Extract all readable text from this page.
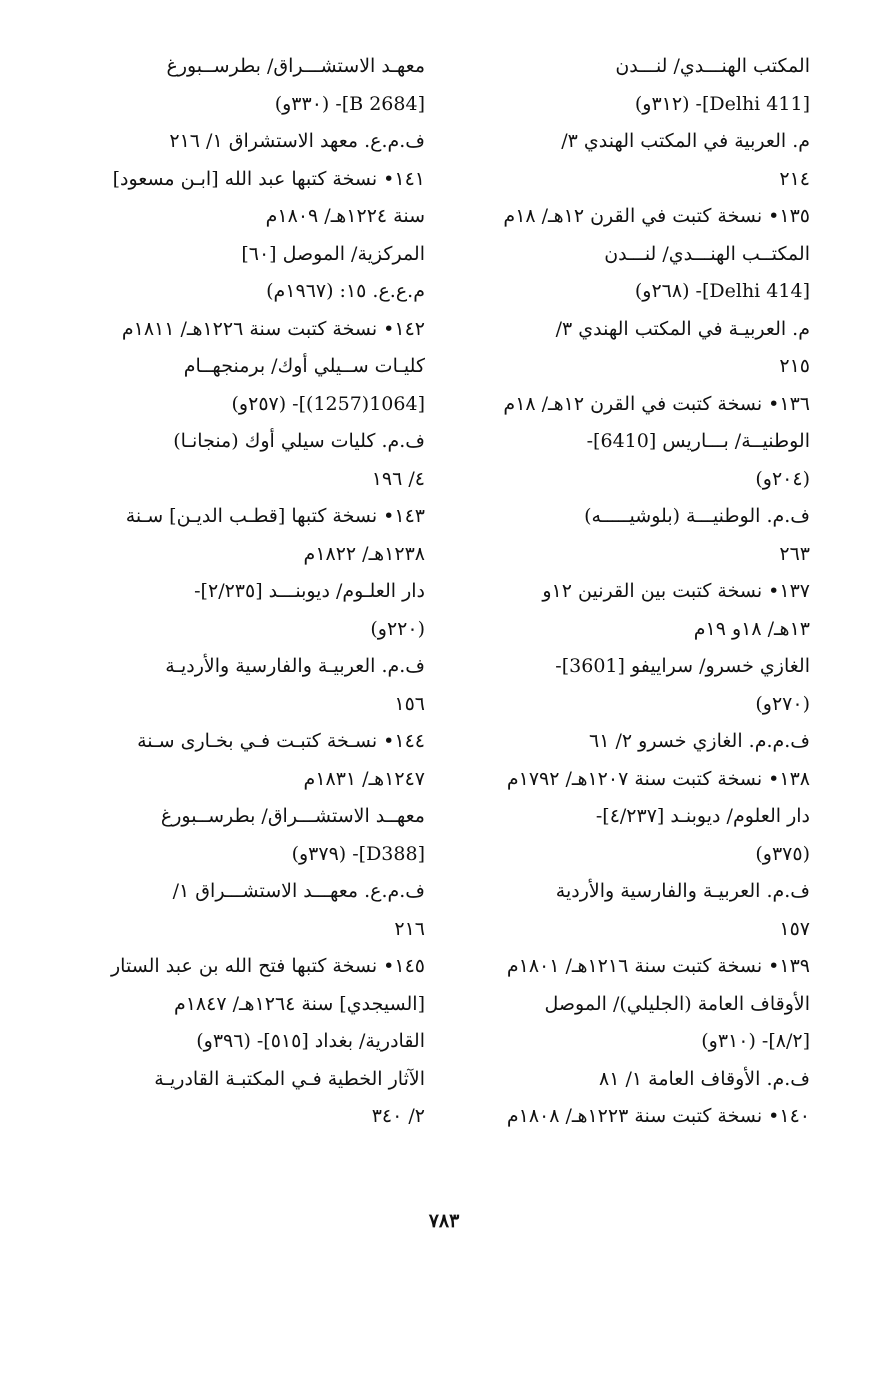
المكتب الهنـــدي/ لنـــدن
[Delhi 411]- (٣١٢و)
م. العربية في المكتب الهندي ٣/
٢١٤
١٣٥• نسخة كتبت في القرن ١٢هـ/ ١٨م
المكتــب الهنـــدي/ لنـــدن
[Delhi 414]- (٢٦٨و)
م. العربيـة في المكتب الهندي ٣/
٢١٥
١٣٦• نسخة كتبت في القرن ١٢هـ/ ١٨م
الوطنيــة/ بـــاريس [6410]-
(٢٠٤و)
ف.م. الوطنيـــة (بلوشيـــــه)
٢٦٣
١٣٧• نسخة كتبت بين القرنين ١٢و
١٣هـ/ ١٨و ١٩م
الغازي خسرو/ سراييفو [3601]-
(٢٧٠و)
ف.م.م. الغازي خسرو ٢/ ٦١
١٣٨• نسخة كتبت سنة ١٢٠٧هـ/ ١٧٩٢م
دار العلوم/ ديوبنـد [٤/٢٣٧]-
(٣٧٥و)
ف.م. العربيـة والفارسية والأردية
١٥٧
١٣٩• نسخة كتبت سنة ١٢١٦هـ/ ١٨٠١م
الأوقاف العامة (الجليلي)/ الموصل
[٨/٢]- (٣١٠و)
ف.م. الأوقاف العامة ١/ ٨١
١٤٠• نسخة كتبت سنة ١٢٢٣هـ/ ١٨٠٨م
معهـد الاستشـــراق/ بطرســبورغ
[B 2684]- (٣٣٠و)
ف.م.ع. معهد الاستشراق ١/ ٢١٦
١٤١• نسخة كتبها عبد الله [ابـن مسعود]
سنة ١٢٢٤هـ/ ١٨٠٩م
المركزية/ الموصل [٦٠]
م.ع.ع. ١٥: (١٩٦٧م)
١٤٢• نسخة كتبت سنة ١٢٢٦هـ/ ١٨١١م
كليـات ســيلي أوك/ برمنجهــام
[1064(1257)]- (٢٥٧و)
ف.م. كليات سيلي أوك (منجانـا)
٤/ ١٩٦
١٤٣• نسخة كتبها [قطـب الديـن] سـنة
١٢٣٨هـ/ ١٨٢٢م
دار العلـوم/ ديوبنـــد [٢/٢٣٥]-
(٢٢٠و)
ف.م. العربيـة والفارسية والأرديـة
١٥٦
١٤٤• نسـخة كتبـت فـي بخـارى سـنة
١٢٤٧هـ/ ١٨٣١م
معهــد الاستشـــراق/ بطرســبورغ
[D388]- (٣٧٩و)
ف.م.ع. معهـــد الاستشـــراق ١/
٢١٦
١٤٥• نسخة كتبها فتح الله بن عبد الستار
[السيجدي] سنة ١٢٦٤هـ/ ١٨٤٧م
القادرية/ بغداد [٥١٥]- (٣٩٦و)
الآثار الخطية فـي المكتبـة القادريـة
٢/ ٣٤٠
٧٨٣
